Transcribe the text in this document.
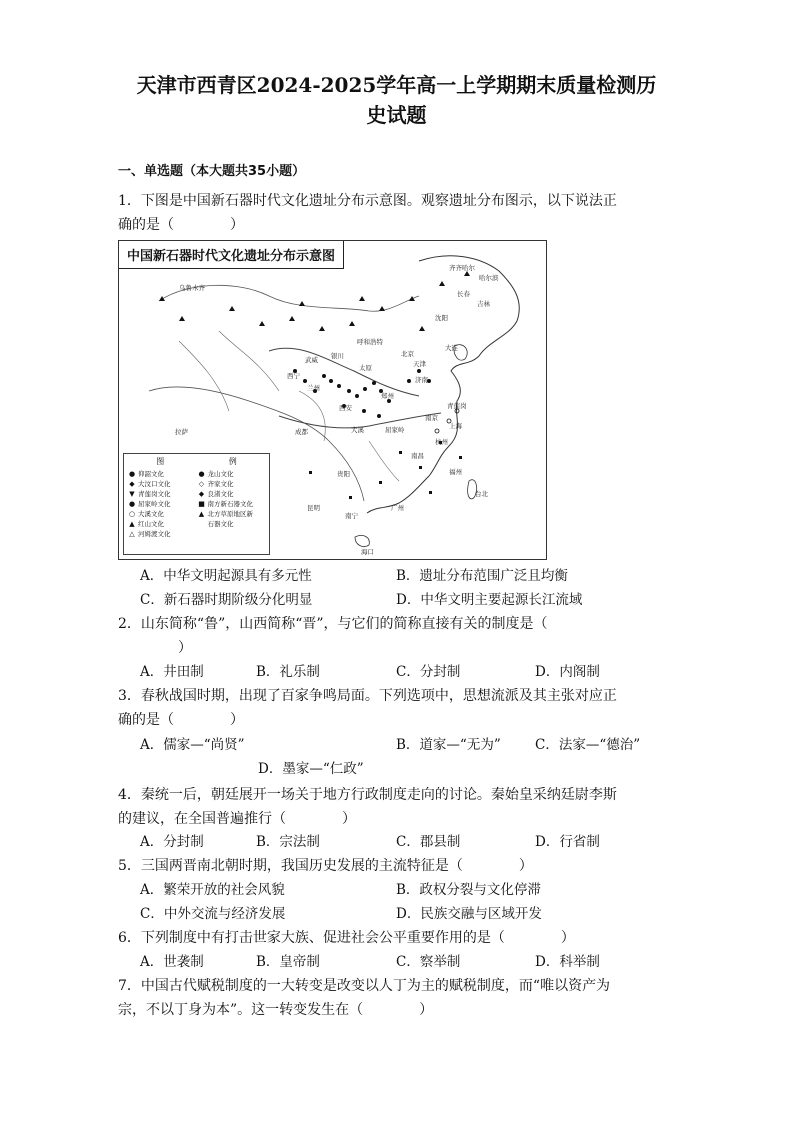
天津市西青区2024-2025学年高一上学期期末质量检测历
史试题
一、单选题（本大题共35小题）
1．下图是中国新石器时代文化遗址分布示意图。观察遗址分布图示，以下说法正
确的是（　　　　）
中国新石器时代文化遗址分布示意图
乌鲁木齐
齐齐哈尔
哈尔滨
长春
吉林
沈阳
呼和浩特
银川
武威
西宁
兰州
太原
北京
天津
大连
郑州
西安
成都	大溪	屈家岭
南京
上海
杭州
拉萨
贵阳
昆明
南宁
广州
南昌
福州
台北
海口
青莲岗
济南
图	例
● 仰韶文化	● 龙山文化
◆ 大汶口文化	◇ 齐家文化
▼ 青莲岗文化	◆ 良渚文化
● 屈家岭文化	■ 南方新石器文化
○ 大溪文化	▲ 北方草原地区新
▲ 红山文化	石器文化
△ 河姆渡文化
A．中华文明起源具有多元性	B．遗址分布范围广泛且均衡
C．新石器时期阶级分化明显	D．中华文明主要起源长江流域
2．山东简称“鲁”，山西简称“晋”，与它们的简称直接有关的制度是（
）
A．井田制	B．礼乐制	C．分封制	D．内阁制
3．春秋战国时期，出现了百家争鸣局面。下列选项中，思想流派及其主张对应正
确的是（　　　　）
A．儒家—“尚贤”	B．道家—“无为”	C．法家—“德治”
D．墨家—“仁政”
4．秦统一后，朝廷展开一场关于地方行政制度走向的讨论。秦始皇采纳廷尉李斯
的建议，在全国普遍推行（　　　　）
A．分封制	B．宗法制	C．郡县制	D．行省制
5．三国两晋南北朝时期，我国历史发展的主流特征是（　　　　）
A．繁荣开放的社会风貌	B．政权分裂与文化停滞
C．中外交流与经济发展	D．民族交融与区域开发
6．下列制度中有打击世家大族、促进社会公平重要作用的是（　　　　）
A．世袭制	B．皇帝制	C．察举制	D．科举制
7．中国古代赋税制度的一大转变是改变以人丁为主的赋税制度，而“唯以资产为
宗，不以丁身为本”。这一转变发生在（　　　　）
